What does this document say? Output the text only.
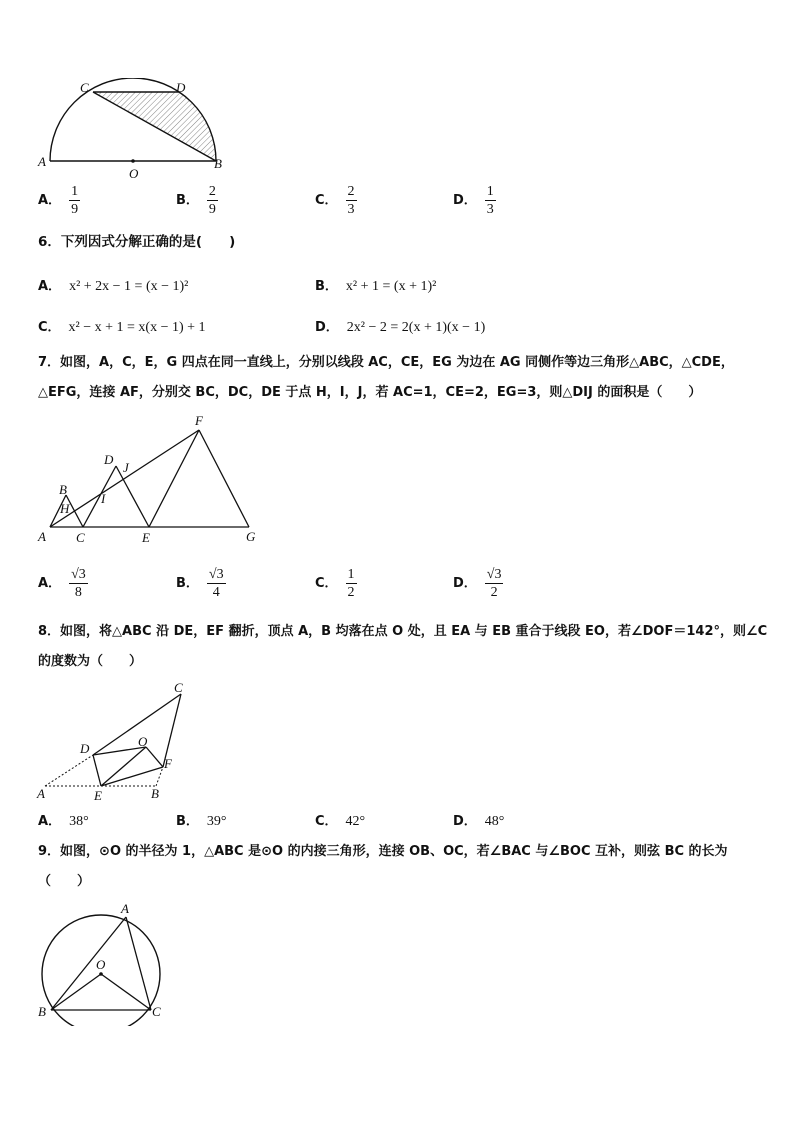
C	D
A
O
B
A． $\frac{1}{9}$	B． $\frac{2}{9}$	C． $\frac{2}{3}$	D． $\frac{1}{3}$
6．下列因式分解正确的是(　　)
A． x² + 2x − 1 = (x − 1)²	B． x² + 1 = (x + 1)²
C． x² − x + 1 = x(x − 1) + 1	D． 2x² − 2 = 2(x + 1)(x − 1)
7．如图，A，C，E，G 四点在同一直线上，分别以线段 AC，CE，EG 为边在 AG 同侧作等边三角形△ABC，△CDE，
△EFG，连接 AF，分别交 BC，DC，DE 于点 H，I，J，若 AC=1，CE=2，EG=3，则△DIJ 的面积是（　　）
F
D
J
B
I
H
A C	E	G
A． $\frac{√3}{8}$	B． $\frac{√3}{4}$	C． $\frac{1}{2}$	D． $\frac{√3}{2}$
8．如图，将△ABC 沿 DE，EF 翻折，顶点 A，B 均落在点 O 处，且 EA 与 EB 重合于线段 EO，若∠DOF＝142°，则∠C
的度数为（　　）
C
O
D
F
A	E	B
A． 38°	B． 39°	C． 42°	D． 48°
9．如图，⊙O 的半径为 1，△ABC 是⊙O 的内接三角形，连接 OB、OC，若∠BAC 与∠BOC 互补，则弦 BC 的长为
（　　）
A
O
B	C
